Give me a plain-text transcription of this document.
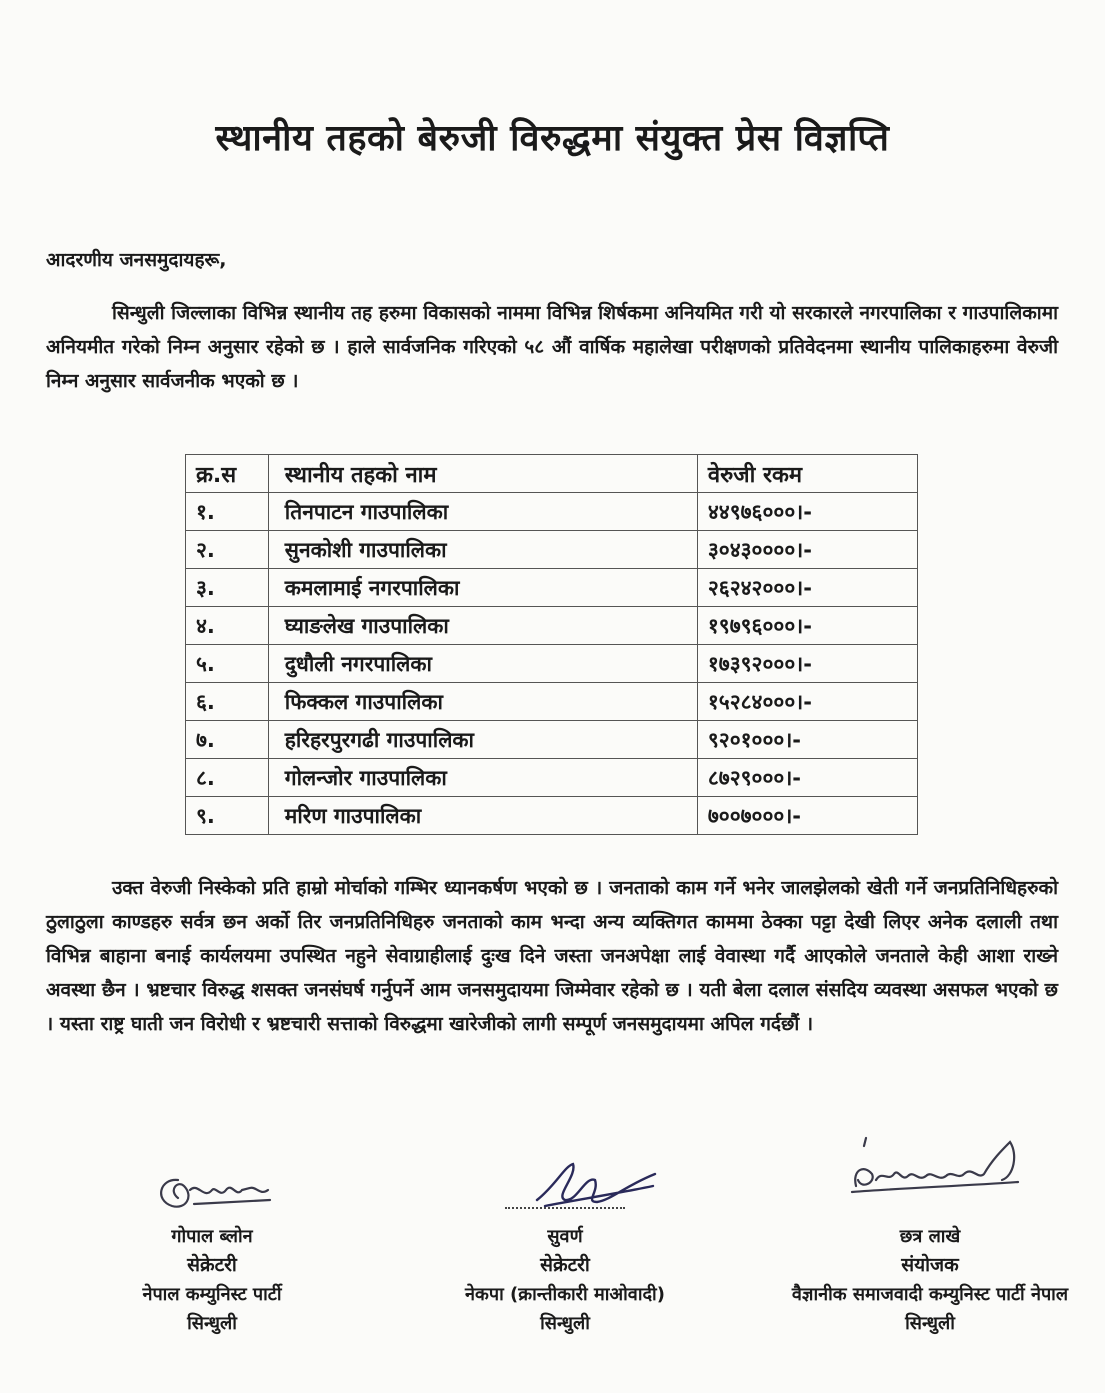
स्थानीय तहको बेरुजी विरुद्धमा संयुक्त प्रेस विज्ञप्ति
आदरणीय जनसमुदायहरू,
सिन्धुली जिल्लाका विभिन्न स्थानीय तह हरुमा विकासको नाममा विभिन्न शिर्षकमा अनियमित गरी यो सरकारले नगरपालिका र गाउपालिकामा अनियमीत गरेको निम्न अनुसार रहेको छ । हाले सार्वजनिक गरिएको ५८ औं वार्षिक महालेखा परीक्षणको प्रतिवेदनमा स्थानीय पालिकाहरुमा वेरुजी निम्न अनुसार सार्वजनीक भएको छ ।
क्र.स	स्थानीय तहको नाम	वेरुजी रकम
१.	तिनपाटन गाउपालिका	४४९७६०००।-
२.	सुनकोशी गाउपालिका	३०४३००००।-
३.	कमलामाई नगरपालिका	२६२४२०००।-
४.	घ्याङलेख गाउपालिका	१९७९६०००।-
५.	दुधौली नगरपालिका	१७३९२०००।-
६.	फिक्कल गाउपालिका	१५२८४०००।-
७.	हरिहरपुरगढी गाउपालिका	९२०१०००।-
८.	गोलन्जोर गाउपालिका	८७२९०००।-
९.	मरिण गाउपालिका	७००७०००।-
उक्त वेरुजी निस्केको प्रति हाम्रो मोर्चाको गम्भिर ध्यानकर्षण भएको छ । जनताको काम गर्ने भनेर जालझेलको खेती गर्ने जनप्रतिनिधिहरुको ठुलाठुला काण्डहरु सर्वत्र छन अर्को तिर जनप्रतिनिधिहरु जनताको काम भन्दा अन्य व्यक्तिगत काममा ठेक्का पट्टा देखी लिएर अनेक दलाली तथा विभिन्न बाहाना बनाई कार्यलयमा उपस्थित नहुने सेवाग्राहीलाई दुःख दिने जस्ता जनअपेक्षा लाई वेवास्था गर्दै आएकोले जनताले केही आशा राख्ने अवस्था छैन । भ्रष्टचार विरुद्ध शसक्त जनसंघर्ष गर्नुपर्ने आम जनसमुदायमा जिम्मेवार रहेको छ । यती बेला दलाल संसदिय व्यवस्था असफल भएको छ । यस्ता राष्ट्र घाती जन विरोधी र भ्रष्टचारी सत्ताको विरुद्धमा खारेजीको लागी सम्पूर्ण जनसमुदायमा अपिल गर्दछौं ।
गोपाल ब्लोन
सेक्रेटरी
नेपाल कम्युनिस्ट पार्टी
सिन्धुली
सुवर्ण
सेक्रेटरी
नेकपा (क्रान्तीकारी माओवादी)
सिन्धुली
छत्र लाखे
संयोजक
वैज्ञानीक समाजवादी कम्युनिस्ट पार्टी नेपाल
सिन्धुली
